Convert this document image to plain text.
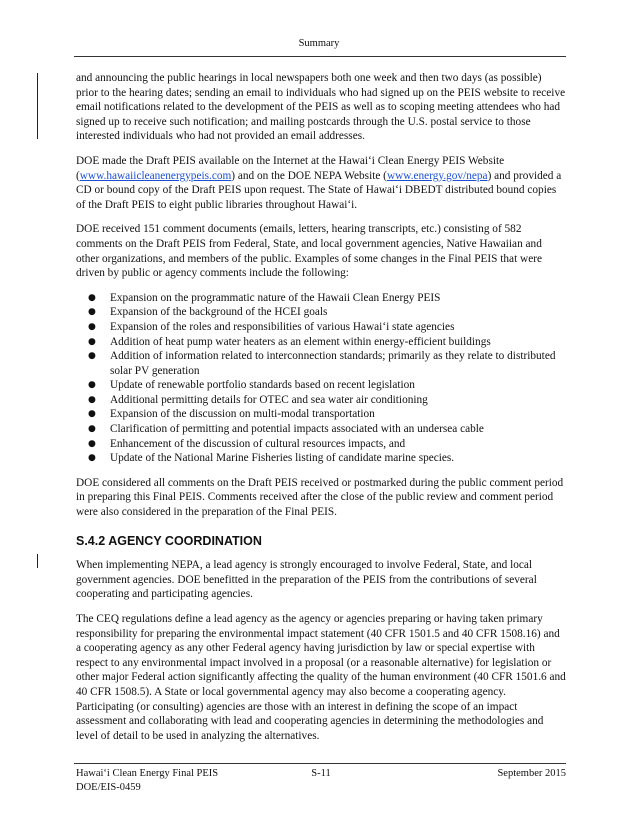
Summary

and announcing the public hearings in local newspapers both one week and then two days (as possible) prior to the hearing dates; sending an email to individuals who had signed up on the PEIS website to receive email notifications related to the development of the PEIS as well as to scoping meeting attendees who had signed up to receive such notification; and mailing postcards through the U.S. postal service to those interested individuals who had not provided an email addresses.

DOE made the Draft PEIS available on the Internet at the Hawai‘i Clean Energy PEIS Website (www.hawaiicleanenergypeis.com) and on the DOE NEPA Website (www.energy.gov/nepa) and provided a CD or bound copy of the Draft PEIS upon request. The State of Hawai‘i DBEDT distributed bound copies of the Draft PEIS to eight public libraries throughout Hawai‘i.

DOE received 151 comment documents (emails, letters, hearing transcripts, etc.) consisting of 582 comments on the Draft PEIS from Federal, State, and local government agencies, Native Hawaiian and other organizations, and members of the public. Examples of some changes in the Final PEIS that were driven by public or agency comments include the following:

● Expansion on the programmatic nature of the Hawaii Clean Energy PEIS
● Expansion of the background of the HCEI goals
● Expansion of the roles and responsibilities of various Hawai‘i state agencies
● Addition of heat pump water heaters as an element within energy-efficient buildings
● Addition of information related to interconnection standards; primarily as they relate to distributed solar PV generation
● Update of renewable portfolio standards based on recent legislation
● Additional permitting details for OTEC and sea water air conditioning
● Expansion of the discussion on multi-modal transportation
● Clarification of permitting and potential impacts associated with an undersea cable
● Enhancement of the discussion of cultural resources impacts, and
● Update of the National Marine Fisheries listing of candidate marine species.

DOE considered all comments on the Draft PEIS received or postmarked during the public comment period in preparing this Final PEIS. Comments received after the close of the public review and comment period were also considered in the preparation of the Final PEIS.

S.4.2 AGENCY COORDINATION

When implementing NEPA, a lead agency is strongly encouraged to involve Federal, State, and local government agencies. DOE benefitted in the preparation of the PEIS from the contributions of several cooperating and participating agencies.

The CEQ regulations define a lead agency as the agency or agencies preparing or having taken primary responsibility for preparing the environmental impact statement (40 CFR 1501.5 and 40 CFR 1508.16) and a cooperating agency as any other Federal agency having jurisdiction by law or special expertise with respect to any environmental impact involved in a proposal (or a reasonable alternative) for legislation or other major Federal action significantly affecting the quality of the human environment (40 CFR 1501.6 and 40 CFR 1508.5). A State or local governmental agency may also become a cooperating agency. Participating (or consulting) agencies are those with an interest in defining the scope of an impact assessment and collaborating with lead and cooperating agencies in determining the methodologies and level of detail to be used in analyzing the alternatives.

Hawai‘i Clean Energy Final PEIS	S-11	September 2015
DOE/EIS-0459
